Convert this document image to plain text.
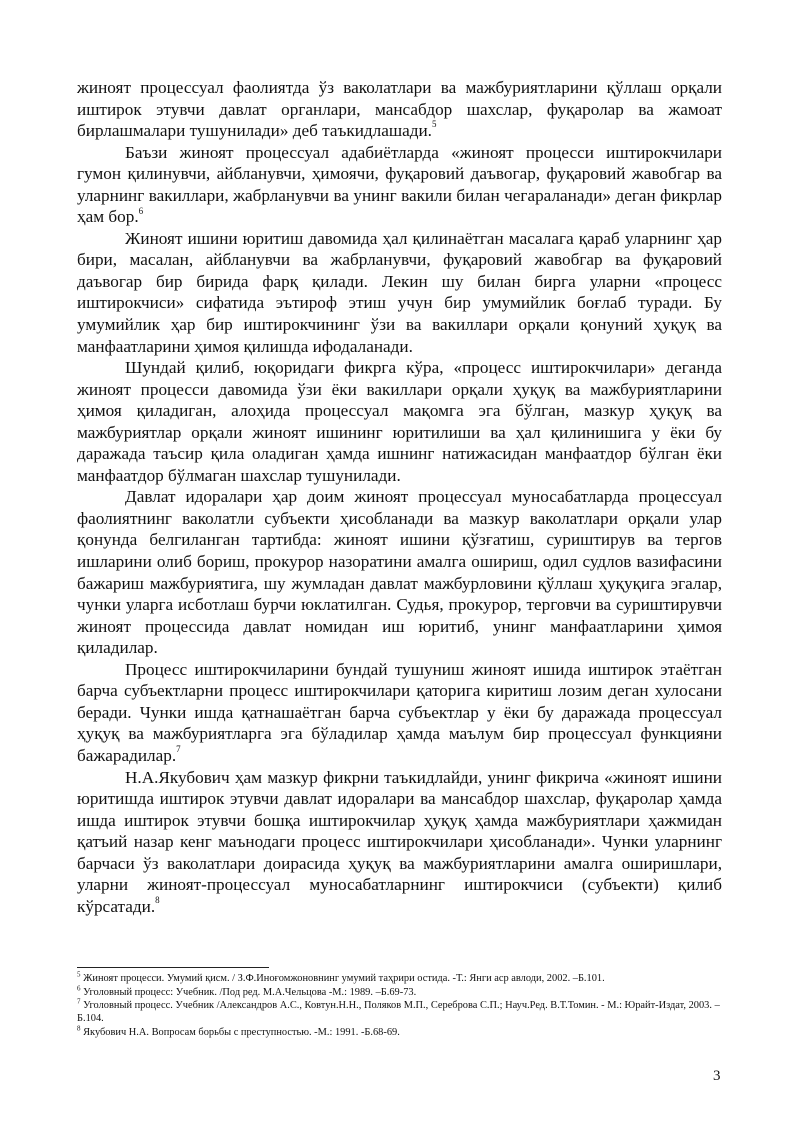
жиноят процессуал фаолиятда ўз ваколатлари ва мажбуриятларини қўллаш орқали иштирок этувчи давлат органлари, мансабдор шахслар, фуқаролар ва жамоат бирлашмалари тушунилади» деб таъкидлашади.$^5$

Баъзи жиноят процессуал адабиётларда «жиноят процесси иштирокчилари гумон қилинувчи, айбланувчи, ҳимоячи, фуқаровий даъвогар, фуқаровий жавобгар ва уларнинг вакиллари, жабрланувчи ва унинг вакили билан чегараланади» деган фикрлар ҳам бор.$^6$

Жиноят ишини юритиш давомида ҳал қилинаётган масалага қараб уларнинг ҳар бири, масалан, айбланувчи ва жабрланувчи, фуқаровий жавобгар ва фуқаровий даъвогар бир бирида фарқ қилади. Лекин шу билан бирга уларни «процесс иштирокчиси» сифатида эътироф этиш учун бир умумийлик боғлаб туради. Бу умумийлик ҳар бир иштирокчининг ўзи ва вакиллари орқали қонуний ҳуқуқ ва манфаатларини ҳимоя қилишда ифодаланади.

Шундай қилиб, юқоридаги фикрга кўра, «процесс иштирокчилари» деганда жиноят процесси давомида ўзи ёки вакиллари орқали ҳуқуқ ва мажбуриятларини ҳимоя қиладиган, алоҳида процессуал мақомга эга бўлган, мазкур ҳуқуқ ва мажбуриятлар орқали жиноят ишининг юритилиши ва ҳал қилинишига у ёки бу даражада таъсир қила оладиган ҳамда ишнинг натижасидан манфаатдор бўлган ёки манфаатдор бўлмаган шахслар тушунилади.

Давлат идоралари ҳар доим жиноят процессуал муносабатларда процессуал фаолиятнинг ваколатли субъекти ҳисобланади ва мазкур ваколатлари орқали улар қонунда белгиланган тартибда: жиноят ишини қўзғатиш, суриштирув ва тергов ишларини олиб бориш, прокурор назоратини амалга ошириш, одил судлов вазифасини бажариш мажбуриятига, шу жумладан давлат мажбурловини қўллаш ҳуқуқига эгалар, чунки уларга исботлаш бурчи юклатилган. Судья, прокурор, терговчи ва суриштирувчи жиноят процессида давлат номидан иш юритиб, унинг манфаатларини ҳимоя қиладилар.

Процесс иштирокчиларини бундай тушуниш жиноят ишида иштирок этаётган барча субъектларни процесс иштирокчилари қаторига киритиш лозим деган хулосани беради. Чунки ишда қатнашаётган барча субъектлар у ёки бу даражада процессуал ҳуқуқ ва мажбуриятларга эга бўладилар ҳамда маълум бир процессуал функцияни бажарадилар.$^7$

Н.А.Якубович ҳам мазкур фикрни таъкидлайди, унинг фикрича «жиноят ишини юритишда иштирок этувчи давлат идоралари ва мансабдор шахслар, фуқаролар ҳамда ишда иштирок этувчи бошқа иштирокчилар ҳуқуқ ҳамда мажбуриятлари ҳажмидан қатъий назар кенг маънодаги процесс иштирокчилари ҳисобланади». Чунки уларнинг барчаси ўз ваколатлари доирасида ҳуқуқ ва мажбуриятларини амалга оширишлари, уларни жиноят-процессуал муносабатларнинг иштирокчиси (субъекти) қилиб кўрсатади.$^8$

$^5$ Жиноят процесси. Умумий қисм. / З.Ф.Иноғомжоновнинг умумий таҳрири остида. -Т.: Янги аср авлоди, 2002. –Б.101.

$^6$ Уголовный процесс: Учебник. /Под ред. М.А.Чельцова -М.: 1989. –Б.69-73.

$^7$ Уголовный процесс. Учебник /Александров А.С., Ковтун.Н.Н., Поляков М.П., Сереброва С.П.; Науч.Ред. В.Т.Томин. - М.: Юрайт-Издат, 2003. –Б.104.

$^8$ Якубович Н.А. Вопросам борьбы с преступностью. -М.: 1991. -Б.68-69.

3
